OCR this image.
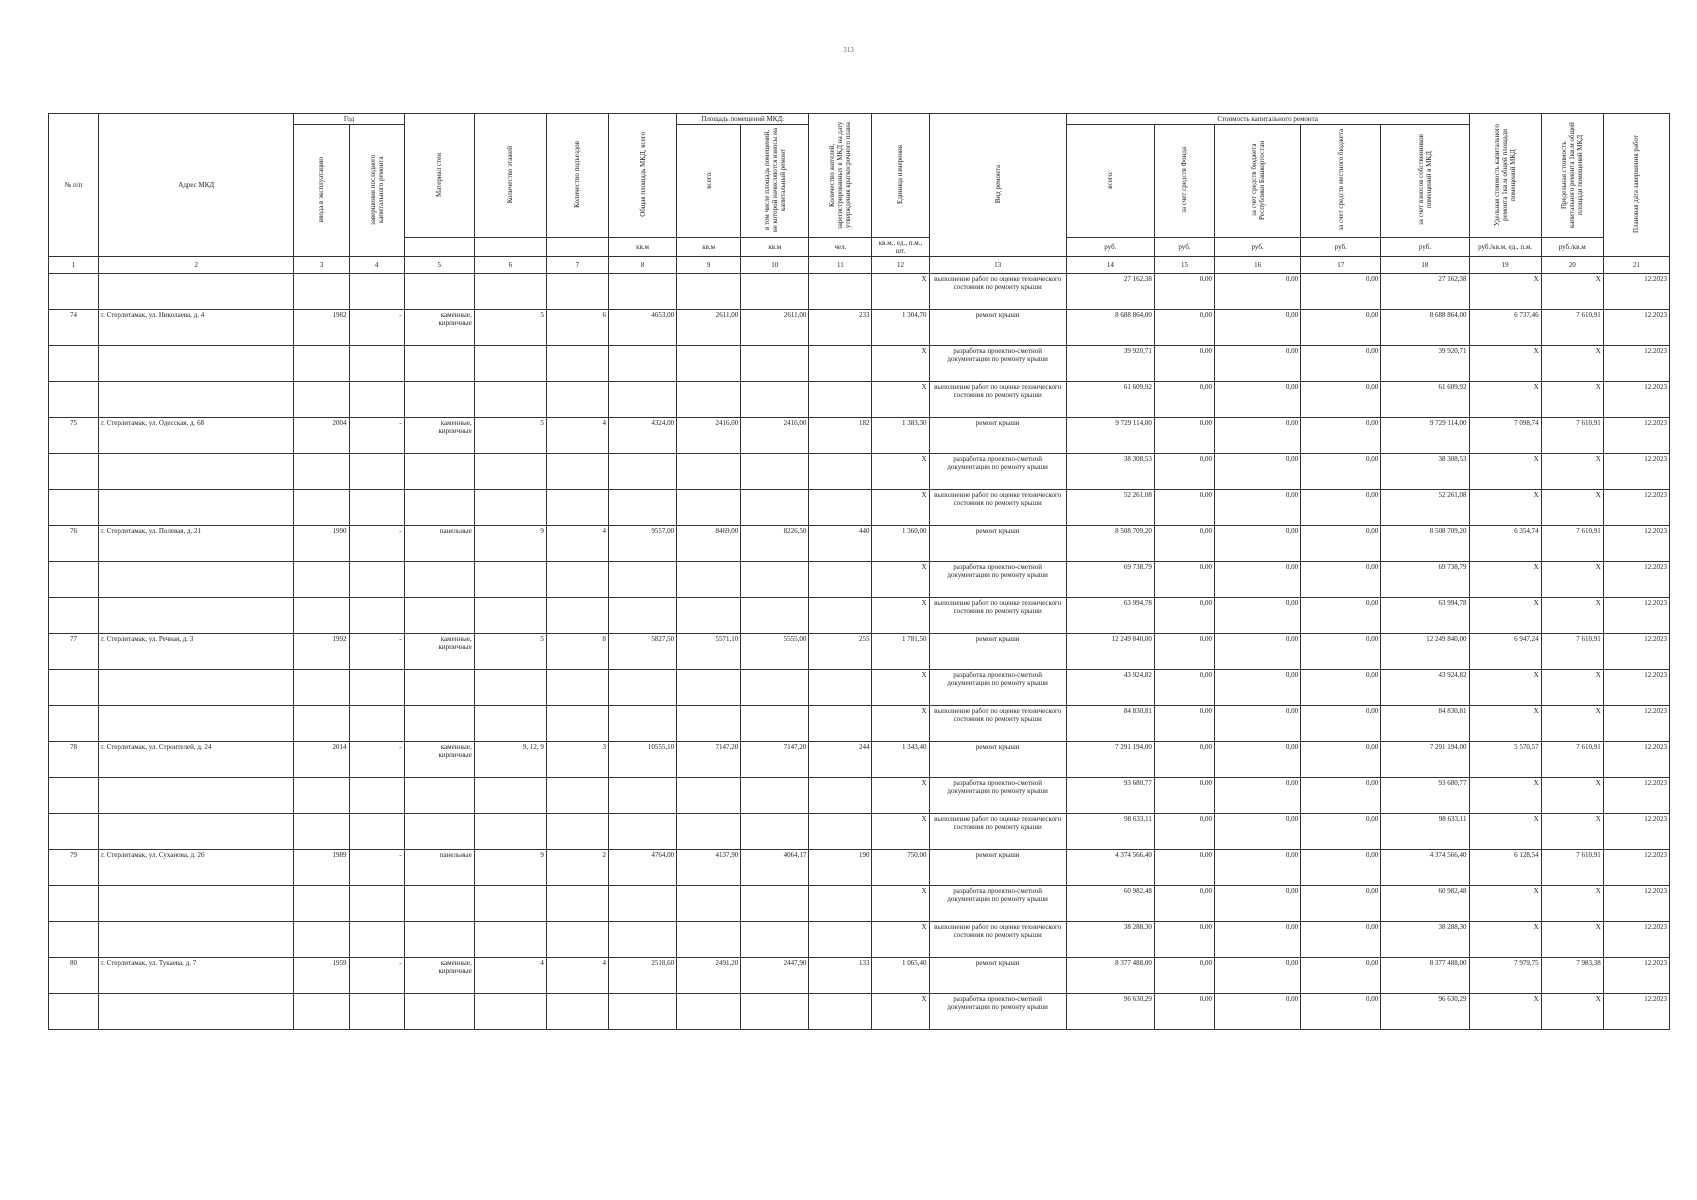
313
№ п/п	Адрес МКД	Год		Материал стен	Количество этажей	Количество подъездов	Общая площадь МКД, всего	Площадь помещений МКД:		Количество жителей, зарегистрированных в МКД на дату утверждения краткосрочного плана	Единица измерения	Вид ремонта	Стоимость капитального ремонта					Удельная стоимость капитального ремонта 1кв.м общей площади помещений МКД	Предельная стоимость капитального ремонта 1кв.м общей площади помещений МКД	Плановая дата завершения работ
		ввода в эксплуатацию	завершения последнего капитального ремонта					всего:	в том числе площадь помещений, не которой начисляются взносы на капитальный ремонт				всего:	за счет средств Фонда	за счет средств бюджета Республики Башкортостан	за счет средств местного бюджета	за счет взносов собственников помещений в МКД			
							кв.м	кв.м	кв.м	чел.	кв.м., ед., п.м., шт.		руб.	руб.	руб.	руб.	руб.	руб./кв.м, ед., п.м.	руб./кв.м	
1	2	3	4	5	6	7	8	9	10	11	12	13	14	15	16	17	18	19	20	21
											X	выполнение работ по оценке технического состояния по ремонту крыши	27 162,38	0,00	0,00	0,00	27 162,38	X	X	12.2023
74	г. Стерлитамак, ул. Николаева, д. 4	1982	-	каменные, кирпичные	5	6	4653,00	2611,00	2611,00	233	1 304,70	ремонт крыши	8 688 864,00	0,00	0,00	0,00	8 688 864,00	6 737,46	7 610,91	12.2023
											X	разработка проектно-сметной документации по ремонту крыши	39 920,71	0,00	0,00	0,00	39 920,71	X	X	12.2023
											X	выполнение работ по оценке технического состояния по ремонту крыши	61 609,92	0,00	0,00	0,00	61 609,92	X	X	12.2023
75	г. Стерлитамак, ул. Одесская, д. 68	2004	-	каменные, кирпичные	5	4	4324,00	2416,00	2416,00	182	1 383,30	ремонт крыши	9 729 114,00	0,00	0,00	0,00	9 729 114,00	7 098,74	7 610,91	12.2023
											X	разработка проектно-сметной документации по ремонту крыши	38 308,53	0,00	0,00	0,00	38 308,53	X	X	12.2023
											X	выполнение работ по оценке технического состояния по ремонту крыши	52 261,08	0,00	0,00	0,00	52 261,08	X	X	12.2023
76	г. Стерлитамак, ул. Полевая, д. 21	1990	-	панельные	9	4	9557,00	8469,00	8226,50	440	1 360,00	ремонт крыши	8 508 709,20	0,00	0,00	0,00	8 508 709,20	6 354,74	7 610,91	12.2023
											X	разработка проектно-сметной документации по ремонту крыши	69 738,79	0,00	0,00	0,00	69 738,79	X	X	12.2023
											X	выполнение работ по оценке технического состояния по ремонту крыши	63 994,78	0,00	0,00	0,00	63 994,78	X	X	12.2023
77	г. Стерлитамак, ул. Речная, д. 3	1992	-	каменные, кирпичные	5	8	5827,50	5571,10	5555,00	255	1 781,50	ремонт крыши	12 249 840,00	0,00	0,00	0,00	12 249 840,00	6 947,24	7 610,91	12.2023
											X	разработка проектно-сметной документации по ремонту крыши	43 924,82	0,00	0,00	0,00	43 924,82	X	X	12.2023
											X	выполнение работ по оценке технического состояния по ремонту крыши	84 830,81	0,00	0,00	0,00	84 830,81	X	X	12.2023
78	г. Стерлитамак, ул. Строителей, д. 24	2014	-	каменные, кирпичные	9, 12, 9	3	10555,10	7147,20	7147,20	244	1 343,40	ремонт крыши	7 291 194,00	0,00	0,00	0,00	7 291 194,00	5 570,57	7 610,91	12.2023
											X	разработка проектно-сметной документации по ремонту крыши	93 680,77	0,00	0,00	0,00	93 680,77	X	X	12.2023
											X	выполнение работ по оценке технического состояния по ремонту крыши	98 633,11	0,00	0,00	0,00	98 633,11	X	X	12.2023
79	г. Стерлитамак, ул. Суханова, д. 26	1989	-	панельные	9	2	4764,00	4137,90	4064,17	190	750,00	ремонт крыши	4 374 566,40	0,00	0,00	0,00	4 374 566,40	6 128,54	7 610,91	12.2023
											X	разработка проектно-сметной документации по ремонту крыши	60 982,48	0,00	0,00	0,00	60 982,48	X	X	12.2023
											X	выполнение работ по оценке технического состояния по ремонту крыши	38 288,30	0,00	0,00	0,00	38 288,30	X	X	12.2023
80	г. Стерлитамак, ул. Тукаева, д. 7	1959	-	каменные, кирпичные	4	4	2518,60	2491,20	2447,90	133	1 065,40	ремонт крыши	8 377 488,00	0,00	0,00	0,00	8 377 488,00	7 979,75	7 983,38	12.2023
											X	разработка проектно-сметной документации по ремонту крыши	96 630,29	0,00	0,00	0,00	96 630,29	X	X	12.2023
